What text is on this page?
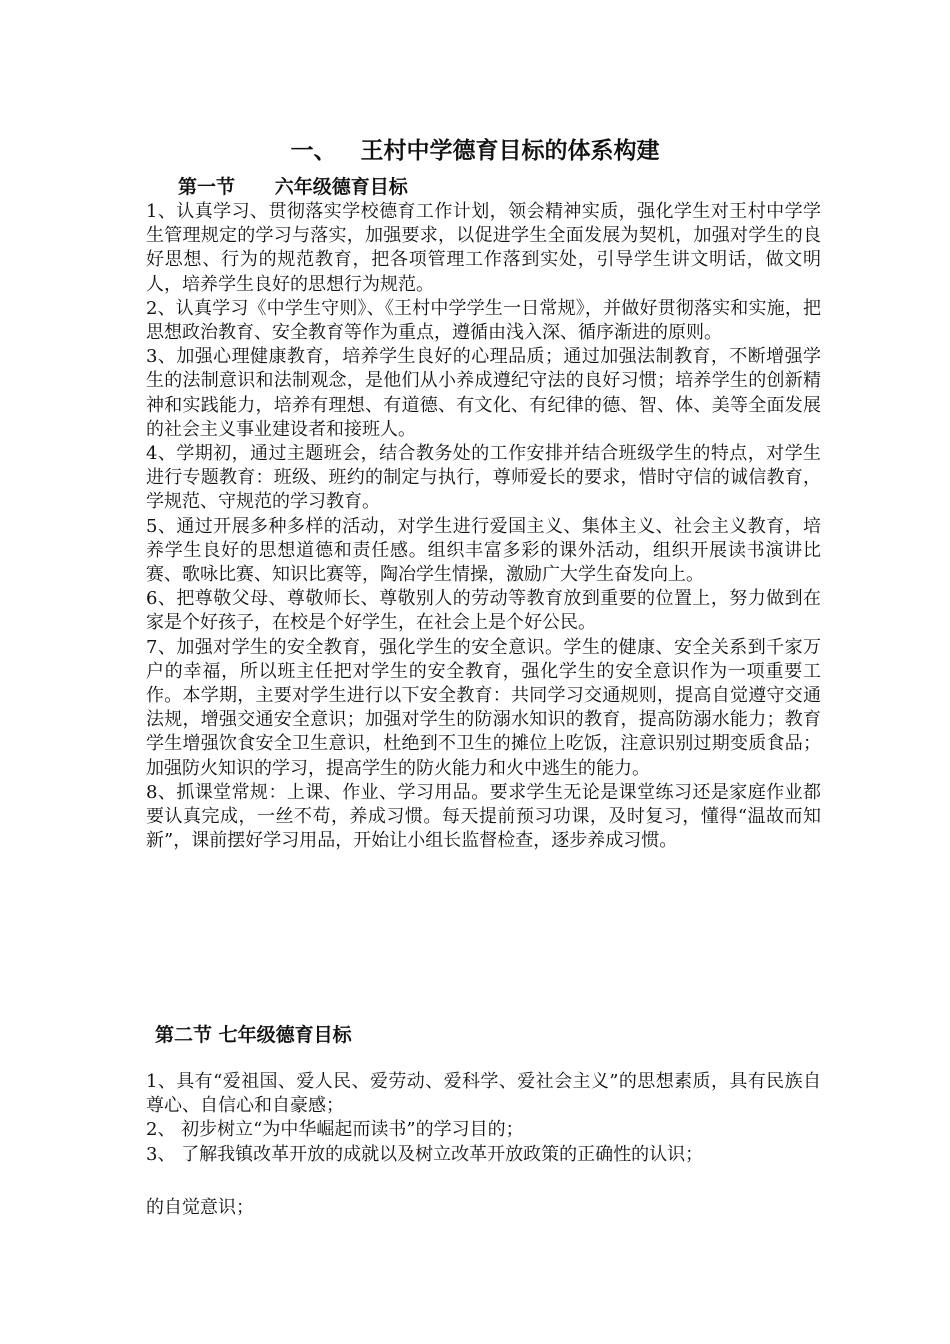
一、   王村中学德育目标的体系构建
第一节      六年级德育目标

1、认真学习、贯彻落实学校德育工作计划，领会精神实质，强化学生对王村中学学生管理规定的学习与落实，加强要求，以促进学生全面发展为契机，加强对学生的良好思想、行为的规范教育，把各项管理工作落到实处，引导学生讲文明话，做文明人，培养学生良好的思想行为规范。

2、认真学习《中学生守则》、《王村中学学生一日常规》，并做好贯彻落实和实施，把思想政治教育、安全教育等作为重点，遵循由浅入深、循序渐进的原则。

3、加强心理健康教育，培养学生良好的心理品质；通过加强法制教育，不断增强学生的法制意识和法制观念，是他们从小养成遵纪守法的良好习惯；培养学生的创新精神和实践能力，培养有理想、有道德、有文化、有纪律的德、智、体、美等全面发展的社会主义事业建设者和接班人。

4、学期初，通过主题班会，结合教务处的工作安排并结合班级学生的特点，对学生进行专题教育：班级、班约的制定与执行，尊师爱长的要求，惜时守信的诚信教育，学规范、守规范的学习教育。

5、通过开展多种多样的活动，对学生进行爱国主义、集体主义、社会主义教育，培养学生良好的思想道德和责任感。组织丰富多彩的课外活动，组织开展读书演讲比赛、歌咏比赛、知识比赛等，陶冶学生情操，激励广大学生奋发向上。

6、把尊敬父母、尊敬师长、尊敬别人的劳动等教育放到重要的位置上，努力做到在家是个好孩子，在校是个好学生，在社会上是个好公民。

7、加强对学生的安全教育，强化学生的安全意识。学生的健康、安全关系到千家万户的幸福，所以班主任把对学生的安全教育，强化学生的安全意识作为一项重要工作。本学期，主要对学生进行以下安全教育：共同学习交通规则，提高自觉遵守交通法规，增强交通安全意识；加强对学生的防溺水知识的教育，提高防溺水能力；教育学生增强饮食安全卫生意识，杜绝到不卫生的摊位上吃饭，注意识别过期变质食品；加强防火知识的学习，提高学生的防火能力和火中逃生的能力。

8、抓课堂常规：上课、作业、学习用品。要求学生无论是课堂练习还是家庭作业都要认真完成，一丝不苟，养成习惯。每天提前预习功课，及时复习，懂得“温故而知新”，课前摆好学习用品，开始让小组长监督检查，逐步养成习惯。

第二节 七年级德育目标

1、具有“爱祖国、爱人民、爱劳动、爱科学、爱社会主义”的思想素质，具有民族自尊心、自信心和自豪感；

2、 初步树立“为中华崛起而读书”的学习目的；

3、 了解我镇改革开放的成就以及树立改革开放政策的正确性的认识；

的自觉意识；
